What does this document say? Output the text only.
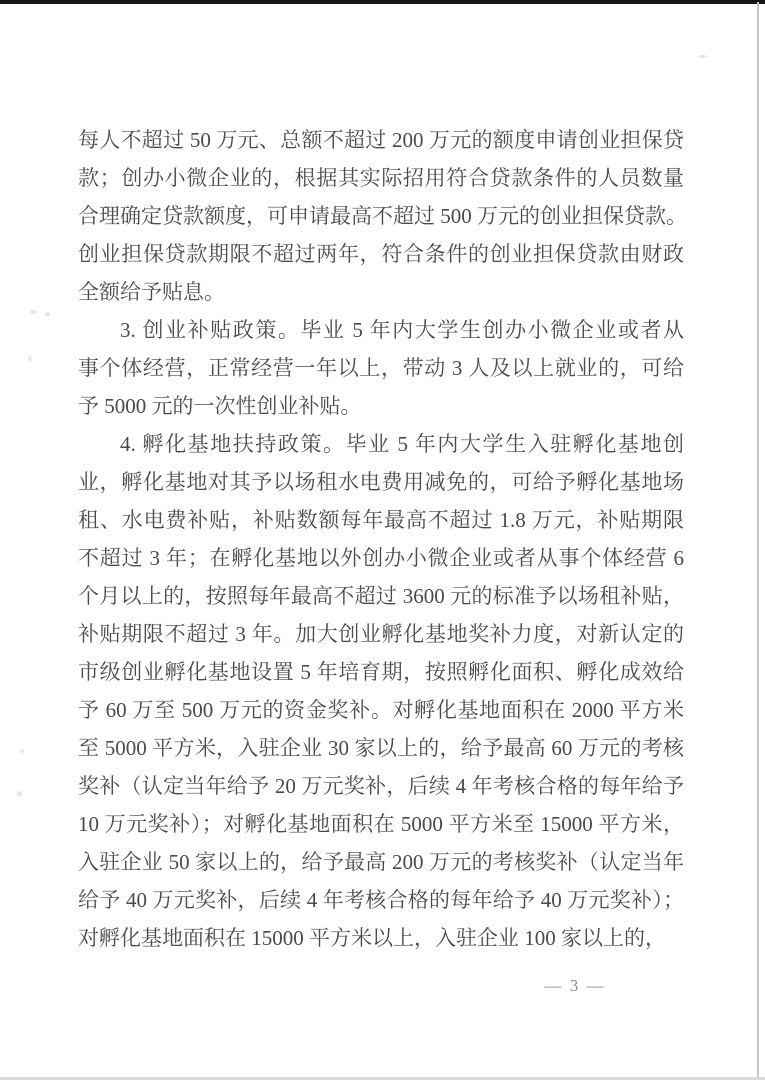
每人不超过 50 万元、总额不超过 200 万元的额度申请创业担保贷
款；创办小微企业的，根据其实际招用符合贷款条件的人员数量
合理确定贷款额度，可申请最高不超过 500 万元的创业担保贷款。
创业担保贷款期限不超过两年，符合条件的创业担保贷款由财政
全额给予贴息。
3. 创业补贴政策。毕业 5 年内大学生创办小微企业或者从
事个体经营，正常经营一年以上，带动 3 人及以上就业的，可给
予 5000 元的一次性创业补贴。
4. 孵化基地扶持政策。毕业 5 年内大学生入驻孵化基地创
业，孵化基地对其予以场租水电费用减免的，可给予孵化基地场
租、水电费补贴，补贴数额每年最高不超过 1.8 万元，补贴期限
不超过 3 年；在孵化基地以外创办小微企业或者从事个体经营 6
个月以上的，按照每年最高不超过 3600 元的标准予以场租补贴，
补贴期限不超过 3 年。加大创业孵化基地奖补力度，对新认定的
市级创业孵化基地设置 5 年培育期，按照孵化面积、孵化成效给
予 60 万至 500 万元的资金奖补。对孵化基地面积在 2000 平方米
至 5000 平方米，入驻企业 30 家以上的，给予最高 60 万元的考核
奖补（认定当年给予 20 万元奖补，后续 4 年考核合格的每年给予
10 万元奖补）；对孵化基地面积在 5000 平方米至 15000 平方米，
入驻企业 50 家以上的，给予最高 200 万元的考核奖补（认定当年
给予 40 万元奖补，后续 4 年考核合格的每年给予 40 万元奖补）；
对孵化基地面积在 15000 平方米以上，入驻企业 100 家以上的，
— 3 —
